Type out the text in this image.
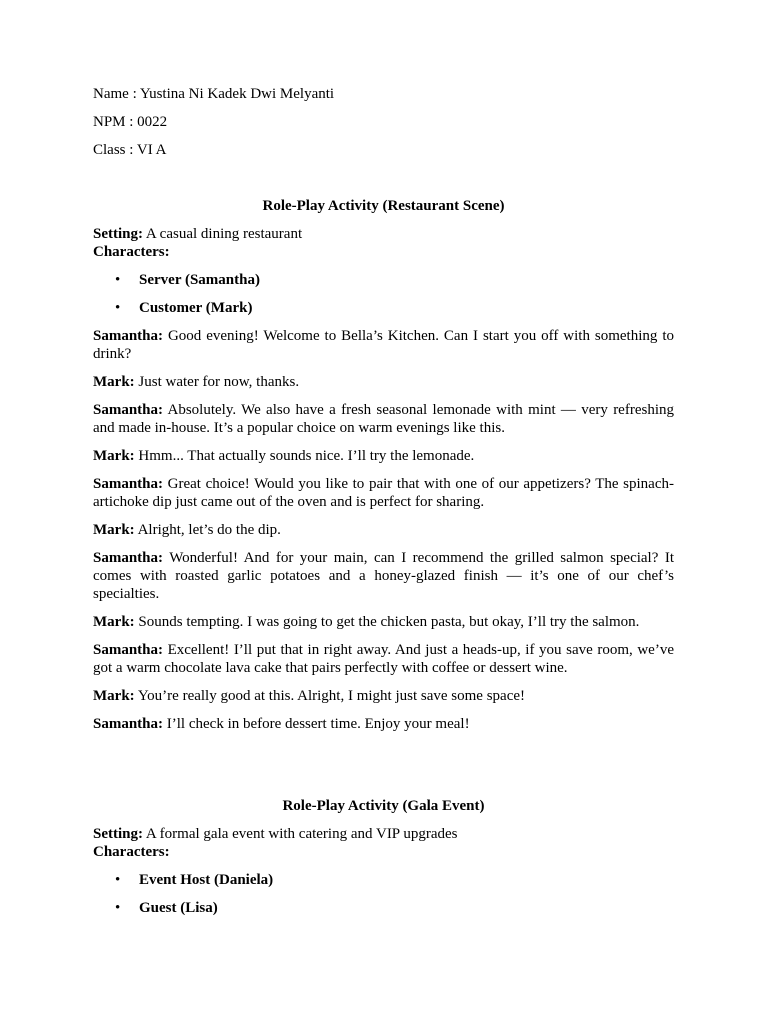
Name : Yustina Ni Kadek Dwi Melyanti

NPM : 0022

Class : VI A

Role-Play Activity (Restaurant Scene)

Setting: A casual dining restaurant

Characters:

• Server (Samantha)
• Customer (Mark)

Samantha: Good evening! Welcome to Bella’s Kitchen. Can I start you off with something to drink?

Mark: Just water for now, thanks.

Samantha: Absolutely. We also have a fresh seasonal lemonade with mint — very refreshing and made in-house. It’s a popular choice on warm evenings like this.

Mark: Hmm... That actually sounds nice. I’ll try the lemonade.

Samantha: Great choice! Would you like to pair that with one of our appetizers? The spinach-artichoke dip just came out of the oven and is perfect for sharing.

Mark: Alright, let’s do the dip.

Samantha: Wonderful! And for your main, can I recommend the grilled salmon special? It comes with roasted garlic potatoes and a honey-glazed finish — it’s one of our chef’s specialties.

Mark: Sounds tempting. I was going to get the chicken pasta, but okay, I’ll try the salmon.

Samantha: Excellent! I’ll put that in right away. And just a heads-up, if you save room, we’ve got a warm chocolate lava cake that pairs perfectly with coffee or dessert wine.

Mark: You’re really good at this. Alright, I might just save some space!

Samantha: I’ll check in before dessert time. Enjoy your meal!

Role-Play Activity (Gala Event)

Setting: A formal gala event with catering and VIP upgrades

Characters:

• Event Host (Daniela)
• Guest (Lisa)
